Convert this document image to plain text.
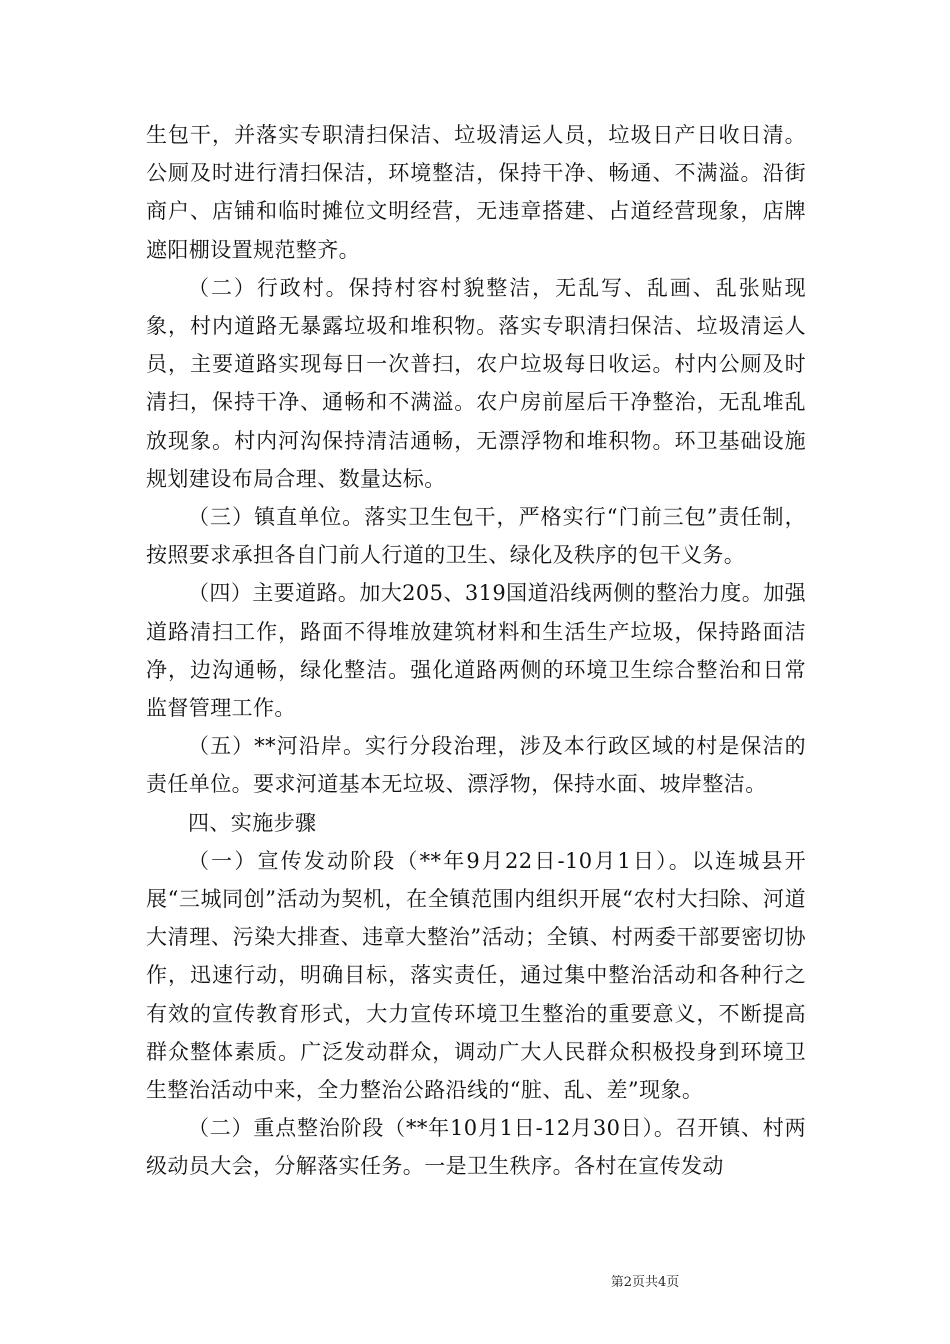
生包干，并落实专职清扫保洁、垃圾清运人员，垃圾日产日收日清。公厕及时进行清扫保洁，环境整洁，保持干净、畅通、不满溢。沿街商户、店铺和临时摊位文明经营，无违章搭建、占道经营现象，店牌遮阳棚设置规范整齐。

（二）行政村。保持村容村貌整洁，无乱写、乱画、乱张贴现象，村内道路无暴露垃圾和堆积物。落实专职清扫保洁、垃圾清运人员，主要道路实现每日一次普扫，农户垃圾每日收运。村内公厕及时清扫，保持干净、通畅和不满溢。农户房前屋后干净整治，无乱堆乱放现象。村内河沟保持清洁通畅，无漂浮物和堆积物。环卫基础设施规划建设布局合理、数量达标。

（三）镇直单位。落实卫生包干，严格实行“门前三包”责任制，按照要求承担各自门前人行道的卫生、绿化及秩序的包干义务。

（四）主要道路。加大205、319国道沿线两侧的整治力度。加强道路清扫工作，路面不得堆放建筑材料和生活生产垃圾，保持路面洁净，边沟通畅，绿化整洁。强化道路两侧的环境卫生综合整治和日常监督管理工作。

（五）**河沿岸。实行分段治理，涉及本行政区域的村是保洁的责任单位。要求河道基本无垃圾、漂浮物，保持水面、坡岸整洁。

四、实施步骤

（一）宣传发动阶段（**年9月22日-10月1日）。以连城县开展“三城同创”活动为契机，在全镇范围内组织开展“农村大扫除、河道大清理、污染大排查、违章大整治”活动；全镇、村两委干部要密切协作，迅速行动，明确目标，落实责任，通过集中整治活动和各种行之有效的宣传教育形式，大力宣传环境卫生整治的重要意义，不断提高群众整体素质。广泛发动群众，调动广大人民群众积极投身到环境卫生整治活动中来，全力整治公路沿线的“脏、乱、差”现象。

（二）重点整治阶段（**年10月1日-12月30日）。召开镇、村两级动员大会，分解落实任务。一是卫生秩序。各村在宣传发动

第2页共4页
